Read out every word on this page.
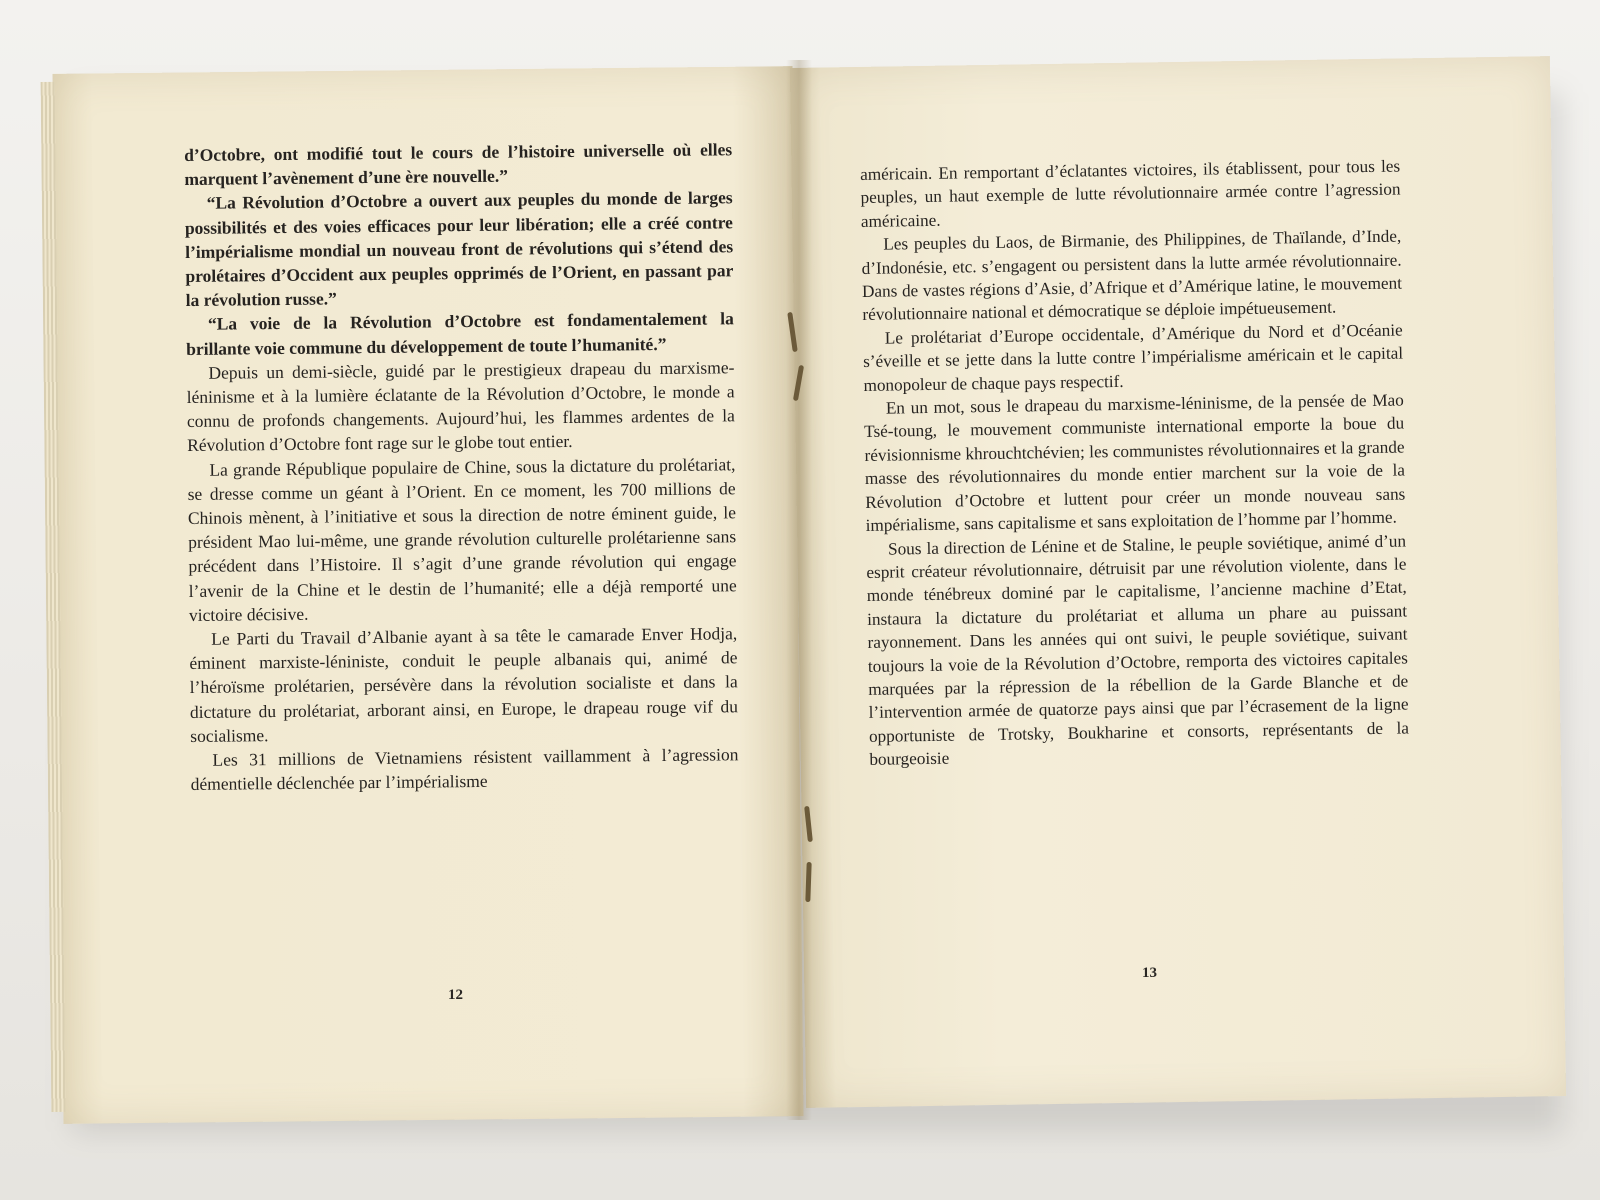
d’Octobre, ont modifié tout le cours de l’histoire universelle où elles marquent l’avènement d’une ère nouvelle.”

“La Révolution d’Octobre a ouvert aux peuples du monde de larges possibilités et des voies efficaces pour leur libération; elle a créé contre l’impérialisme mondial un nouveau front de révolutions qui s’étend des prolétaires d’Occident aux peuples opprimés de l’Orient, en passant par la révolution russe.”

“La voie de la Révolution d’Octobre est fondamentalement la brillante voie commune du développement de toute l’humanité.”

Depuis un demi-siècle, guidé par le prestigieux drapeau du marxisme-léninisme et à la lumière éclatante de la Révolution d’Octobre, le monde a connu de profonds changements. Aujourd’hui, les flammes ardentes de la Révolution d’Octobre font rage sur le globe tout entier.

La grande République populaire de Chine, sous la dictature du prolétariat, se dresse comme un géant à l’Orient. En ce moment, les 700 millions de Chinois mènent, à l’initiative et sous la direction de notre éminent guide, le président Mao lui-même, une grande révolution culturelle prolétarienne sans précédent dans l’Histoire. Il s’agit d’une grande révolution qui engage l’avenir de la Chine et le destin de l’humanité; elle a déjà remporté une victoire décisive.

Le Parti du Travail d’Albanie ayant à sa tête le camarade Enver Hodja, éminent marxiste-léniniste, conduit le peuple albanais qui, animé de l’héroïsme prolétarien, persévère dans la révolution socialiste et dans la dictature du prolétariat, arborant ainsi, en Europe, le drapeau rouge vif du socialisme.

Les 31 millions de Vietnamiens résistent vaillamment à l’agression démentielle déclenchée par l’impérialisme

12

américain. En remportant d’éclatantes victoires, ils établissent, pour tous les peuples, un haut exemple de lutte révolutionnaire armée contre l’agression américaine.

Les peuples du Laos, de Birmanie, des Philippines, de Thaïlande, d’Inde, d’Indonésie, etc. s’engagent ou persistent dans la lutte armée révolutionnaire. Dans de vastes régions d’Asie, d’Afrique et d’Amérique latine, le mouvement révolutionnaire national et démocratique se déploie impétueusement.

Le prolétariat d’Europe occidentale, d’Amérique du Nord et d’Océanie s’éveille et se jette dans la lutte contre l’impérialisme américain et le capital monopoleur de chaque pays respectif.

En un mot, sous le drapeau du marxisme-léninisme, de la pensée de Mao Tsé-toung, le mouvement communiste international emporte la boue du révisionnisme khrouchtchévien; les communistes révolutionnaires et la grande masse des révolutionnaires du monde entier marchent sur la voie de la Révolution d’Octobre et luttent pour créer un monde nouveau sans impérialisme, sans capitalisme et sans exploitation de l’homme par l’homme.

Sous la direction de Lénine et de Staline, le peuple soviétique, animé d’un esprit créateur révolutionnaire, détruisit par une révolution violente, dans le monde ténébreux dominé par le capitalisme, l’ancienne machine d’Etat, instaura la dictature du prolétariat et alluma un phare au puissant rayonnement. Dans les années qui ont suivi, le peuple soviétique, suivant toujours la voie de la Révolution d’Octobre, remporta des victoires capitales marquées par la répression de la rébellion de la Garde Blanche et de l’intervention armée de quatorze pays ainsi que par l’écrasement de la ligne opportuniste de Trotsky, Boukharine et consorts, représentants de la bourgeoisie

13
